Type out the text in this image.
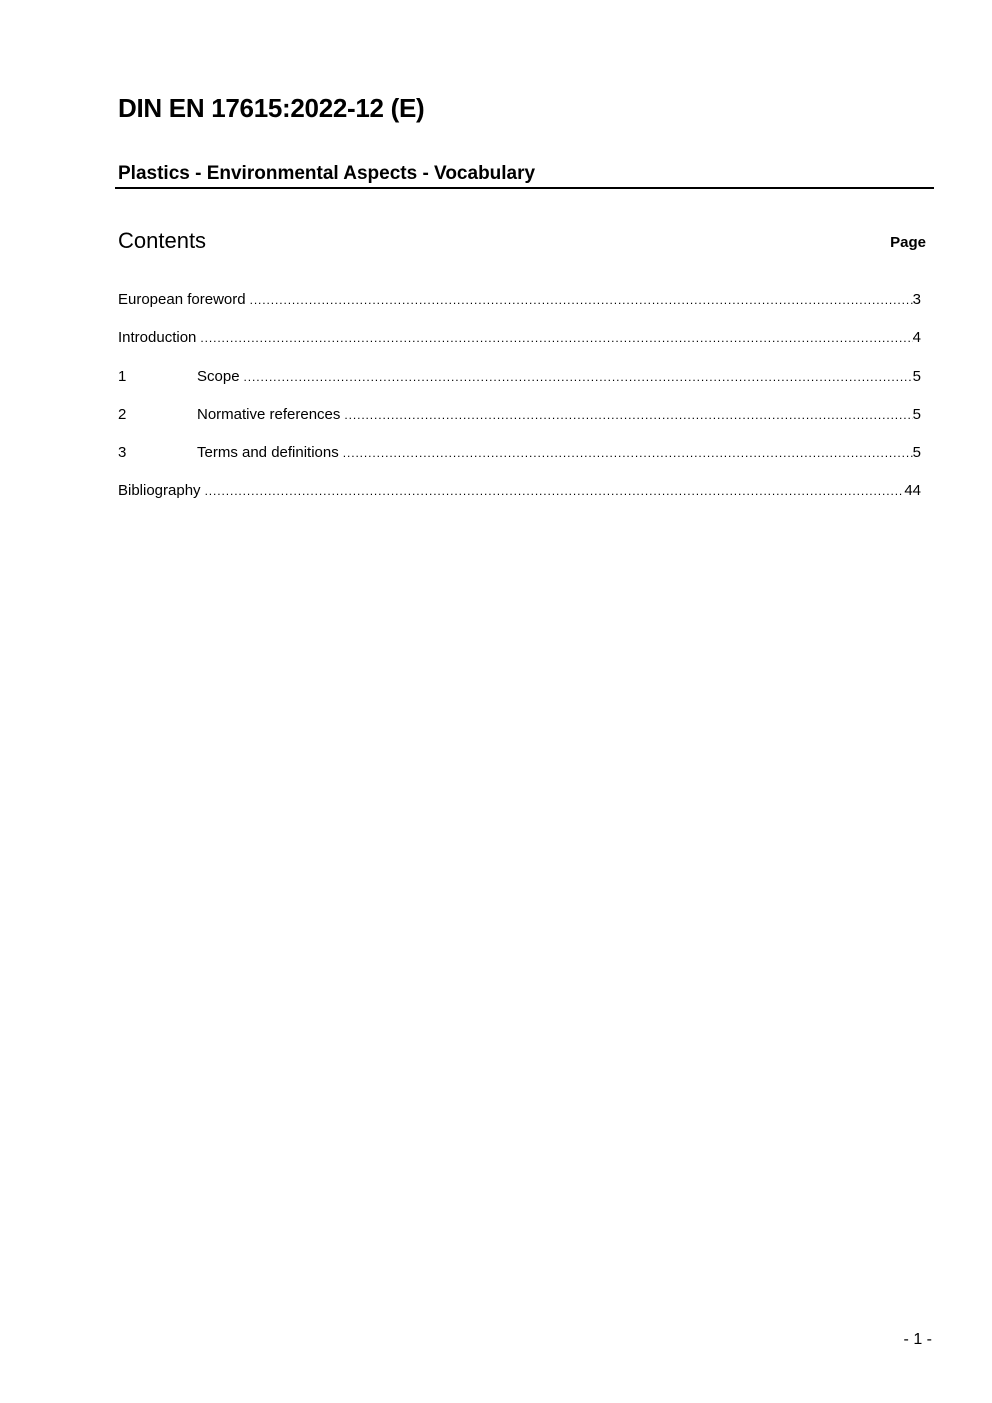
DIN EN 17615:2022-12 (E)
Plastics - Environmental Aspects - Vocabulary
Contents	Page
European foreword .....	3
Introduction .....	4
1	Scope .....	5
2	Normative references .....	5
3	Terms and definitions .....	5
Bibliography .....	44
- 1 -
